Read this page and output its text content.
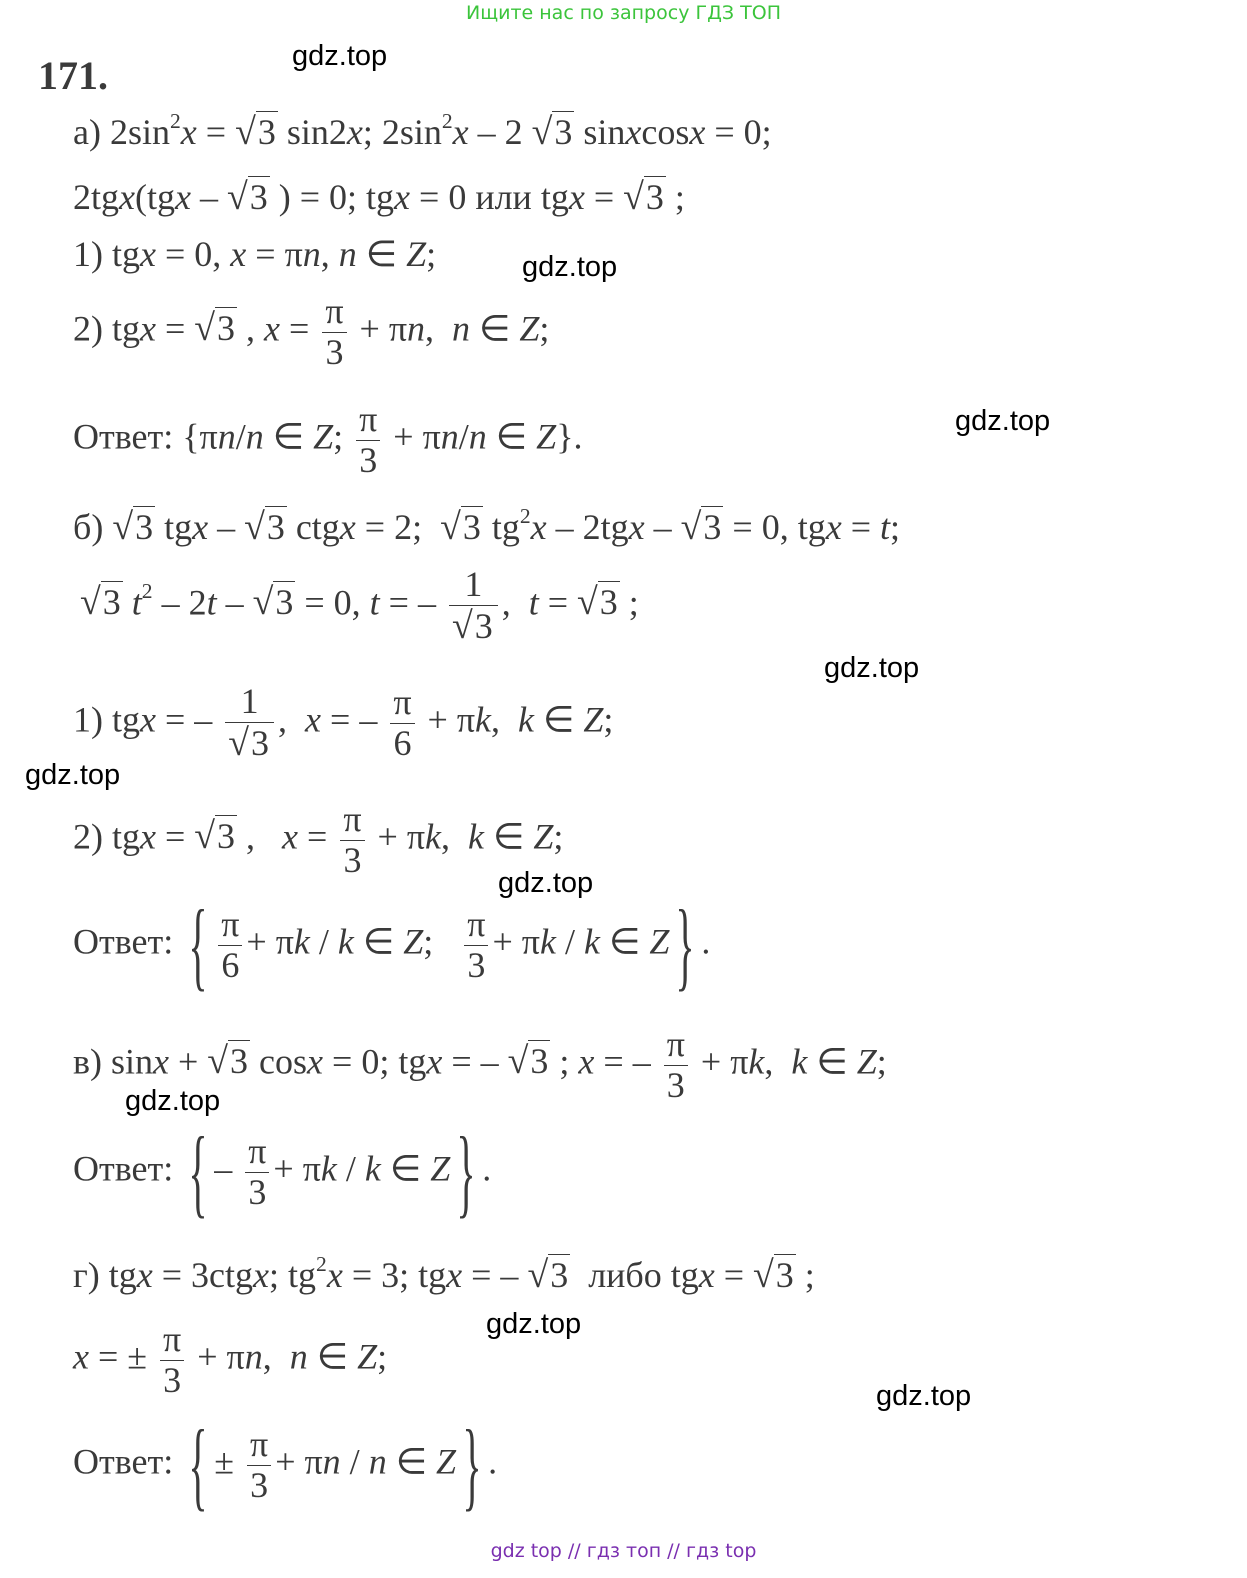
Ищите нас по запросу ГДЗ ТОП
gdz.top
gdz.top
gdz.top
gdz.top
gdz.top
gdz.top
gdz.top
gdz.top
gdz.top
171.
а) $2\sin^2x = √3$ sin2x; $2\sin^2x - 2$ √3 sinxcosx = 0;
2tgx(tgx – √3 ) = 0; tgx = 0 или tgx = √3 ;
1) tgx = 0, x = πn, n ∈ Z;
2) tgx = √3 , $x = \frac{\pi}{3} + \pi n$,  n ∈ Z;
Ответ: {πn/n ∈ Z; $\frac{\pi}{3} + \pi n/n$ ∈ Z}.
б) √3 tgx – √3 ctgx = 2;  √3 $tg^2x - 2tgx - √3 = 0$, tgx = t;
√3 $t^2 - 2t - √3 = 0$, t = – $\frac{1}{√3}$ ,  t = √3 ;
1) tgx = – $\frac{1}{√3}$ ,  x = – $\frac{\pi}{6} + \pi k$,  k ∈ Z;
2) tgx = √3 ,   $x = \frac{\pi}{3} + \pi k$,  k ∈ Z;
Ответ: { $\frac{\pi}{6} + \pi k / k$ ∈ Z; $\frac{\pi}{3} + \pi k / k$ ∈ Z} .
в) sinx + √3 cosx = 0; tgx = – √3 ; x = – $\frac{\pi}{3} + \pi k$,  k ∈ Z;
Ответ: { – $\frac{\pi}{3} + \pi k / k$ ∈ Z} .
г) tgx = 3ctgx; $tg^2x = 3$; tgx = – √3  либо tgx = √3 ;
x = ± $\frac{\pi}{3} + \pi n$,  n ∈ Z;
Ответ: { ± $\frac{\pi}{3} + \pi n / n$ ∈ Z} .
gdz top // гдз топ // гдз top
